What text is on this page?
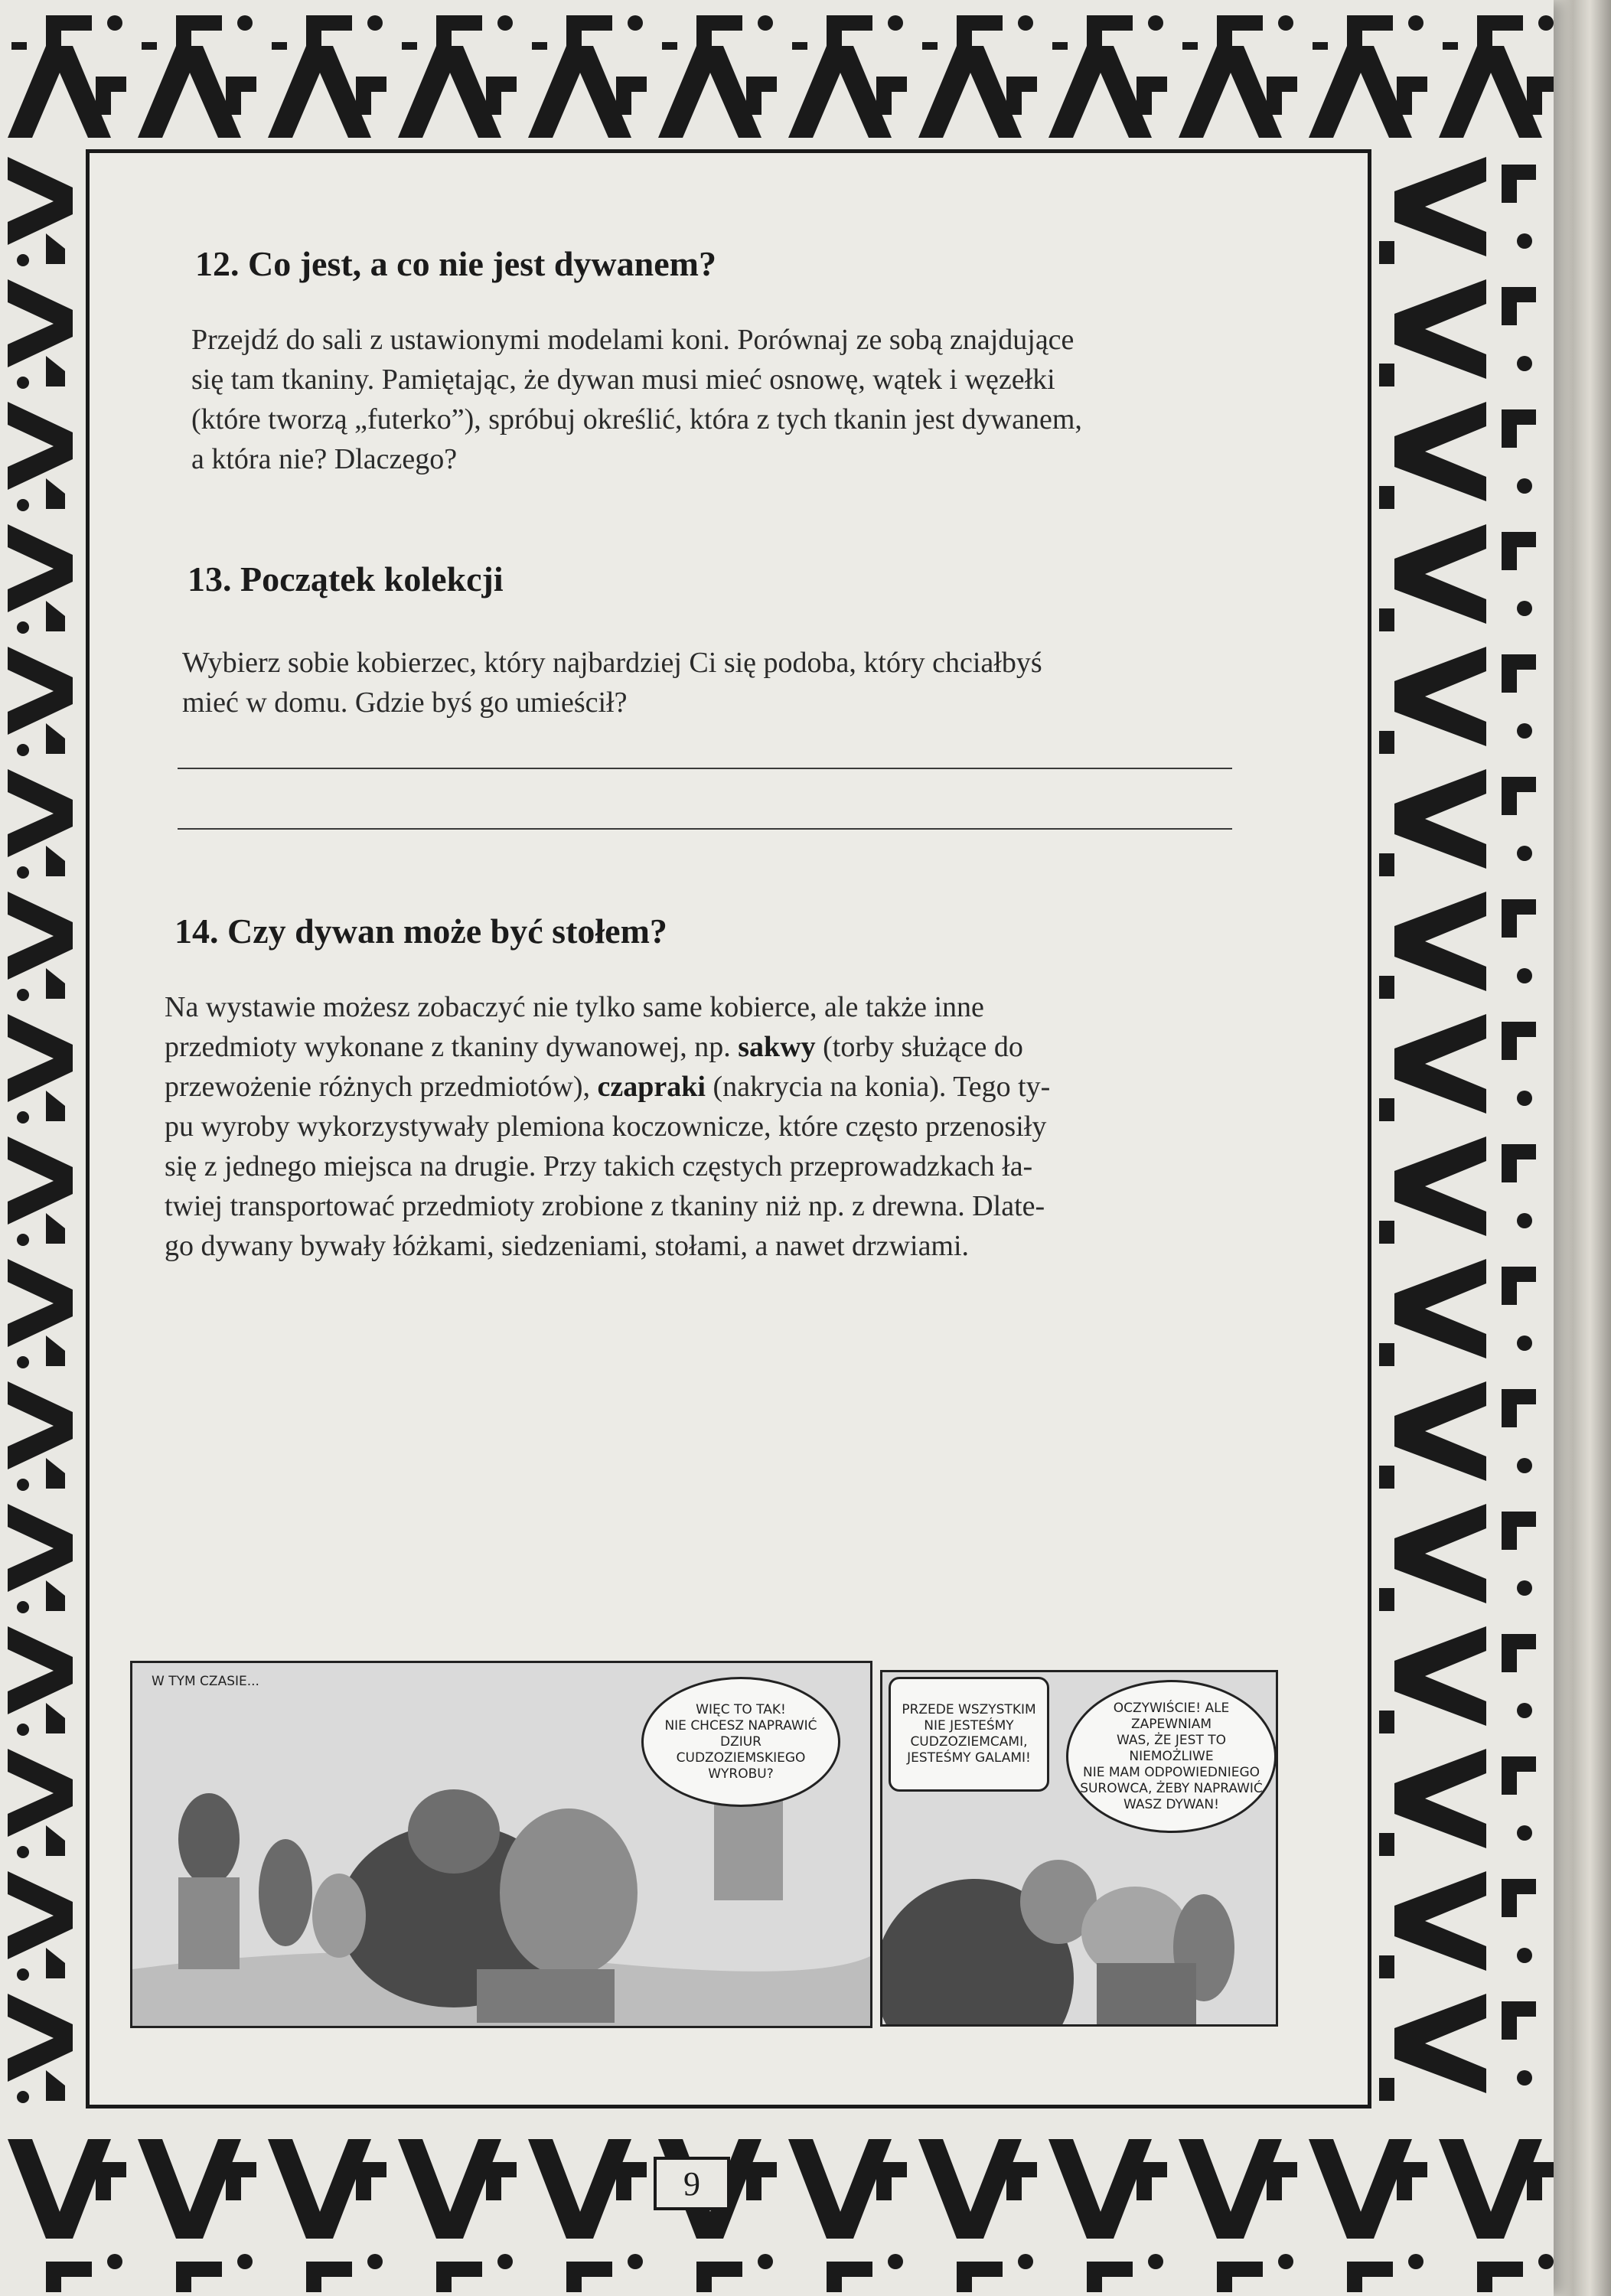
12. Co jest, a co nie jest dywanem?
Przejdź do sali z ustawionymi modelami koni. Porównaj ze sobą znajdujące
się tam tkaniny. Pamiętając, że dywan musi mieć osnowę, wątek i węzełki
(które tworzą „futerko”), spróbuj określić, która z tych tkanin jest dywanem,
a która nie? Dlaczego?
13. Początek kolekcji
Wybierz sobie kobierzec, który najbardziej Ci się podoba, który chciałbyś
mieć w domu. Gdzie byś go umieścił?
14. Czy dywan może być stołem?
Na wystawie możesz zobaczyć nie tylko same kobierce, ale także inne
przedmioty wykonane z tkaniny dywanowej, np. sakwy (torby służące do
przewożenie różnych przedmiotów), czapraki (nakrycia na konia). Tego ty-
pu wyroby wykorzystywały plemiona koczownicze, które często przenosiły
się z jednego miejsca na drugie. Przy takich częstych przeprowadzkach ła-
twiej transportować przedmioty zrobione z tkaniny niż np. z drewna. Dlate-
go dywany bywały łóżkami, siedzeniami, stołami, a nawet drzwiami.
W TYM CZASIE...
WIĘC TO TAK!
NIE CHCESZ NAPRAWIĆ
DZIUR CUDZOZIEMSKIEGO
WYROBU?
PRZEDE WSZYSTKIM
NIE JESTEŚMY
CUDZOZIEMCAMI,
JESTEŚMY GALAMI!
OCZYWIŚCIE! ALE ZAPEWNIAM
WAS, ŻE JEST TO NIEMOŻLIWE
NIE MAM ODPOWIEDNIEGO
SUROWCA, ŻEBY NAPRAWIĆ
WASZ DYWAN!
9
